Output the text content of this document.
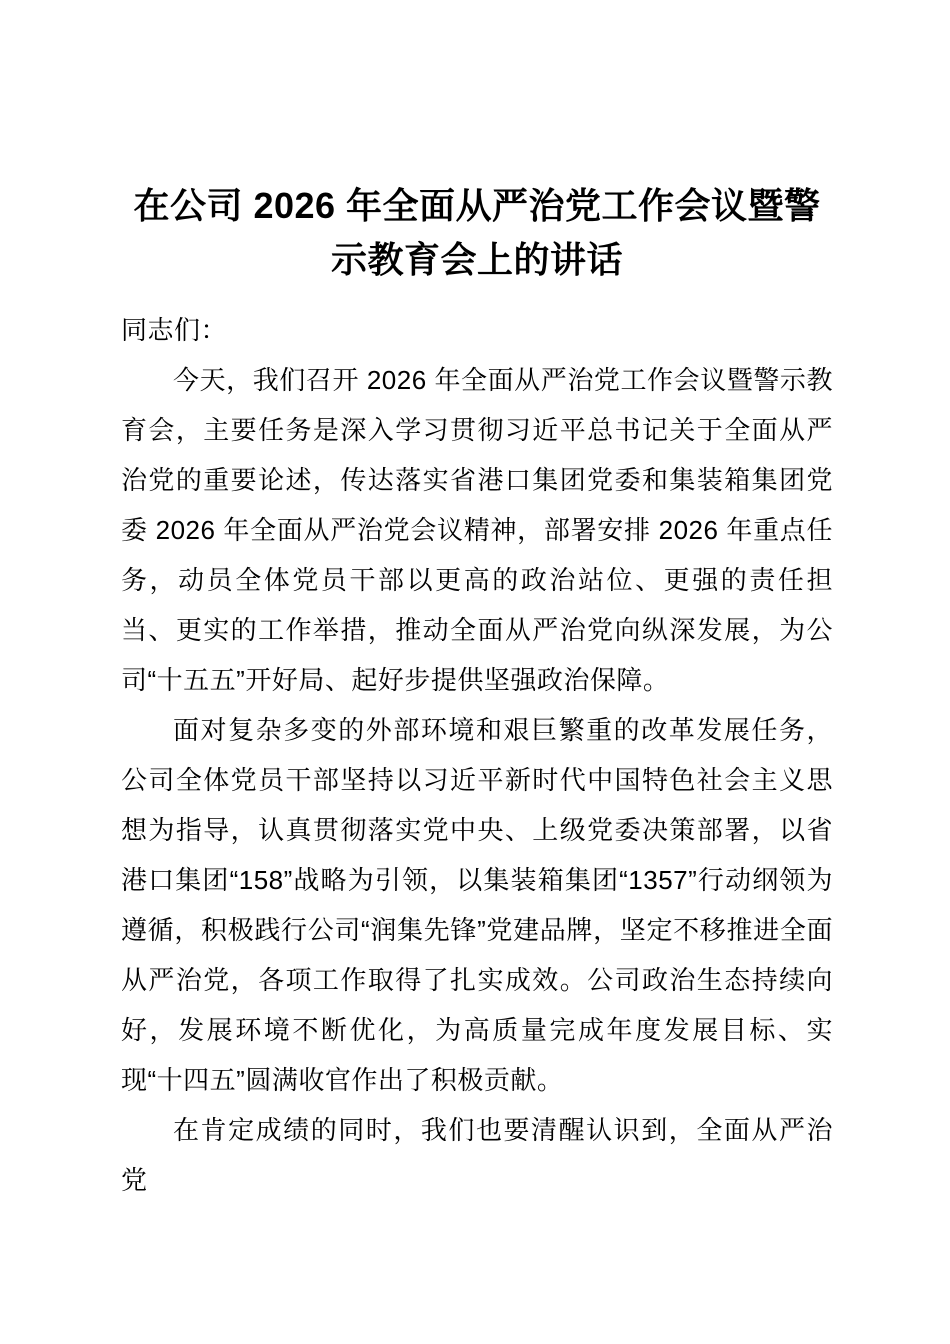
在公司 2026 年全面从严治党工作会议暨警示教育会上的讲话

同志们：

今天，我们召开 2026 年全面从严治党工作会议暨警示教育会，主要任务是深入学习贯彻习近平总书记关于全面从严治党的重要论述，传达落实省港口集团党委和集装箱集团党委 2026 年全面从严治党会议精神，部署安排 2026 年重点任务，动员全体党员干部以更高的政治站位、更强的责任担当、更实的工作举措，推动全面从严治党向纵深发展，为公司“十五五”开好局、起好步提供坚强政治保障。

面对复杂多变的外部环境和艰巨繁重的改革发展任务，公司全体党员干部坚持以习近平新时代中国特色社会主义思想为指导，认真贯彻落实党中央、上级党委决策部署，以省港口集团“158”战略为引领，以集装箱集团“1357”行动纲领为遵循，积极践行公司“润集先锋”党建品牌，坚定不移推进全面从严治党，各项工作取得了扎实成效。公司政治生态持续向好，发展环境不断优化，为高质量完成年度发展目标、实现“十四五”圆满收官作出了积极贡献。

在肯定成绩的同时，我们也要清醒认识到，全面从严治党
